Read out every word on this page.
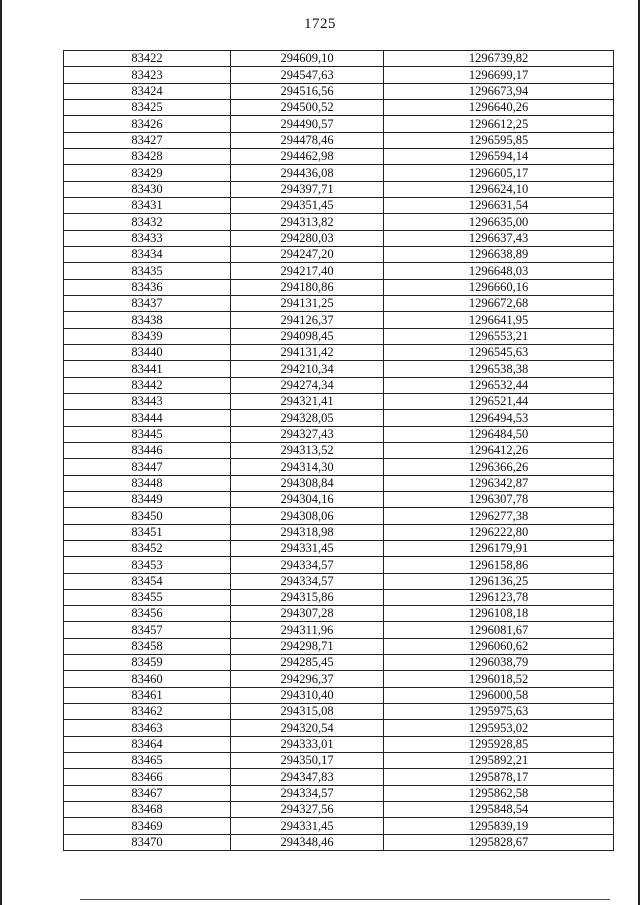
1725
83422	294609,10	1296739,82
83423	294547,63	1296699,17
83424	294516,56	1296673,94
83425	294500,52	1296640,26
83426	294490,57	1296612,25
83427	294478,46	1296595,85
83428	294462,98	1296594,14
83429	294436,08	1296605,17
83430	294397,71	1296624,10
83431	294351,45	1296631,54
83432	294313,82	1296635,00
83433	294280,03	1296637,43
83434	294247,20	1296638,89
83435	294217,40	1296648,03
83436	294180,86	1296660,16
83437	294131,25	1296672,68
83438	294126,37	1296641,95
83439	294098,45	1296553,21
83440	294131,42	1296545,63
83441	294210,34	1296538,38
83442	294274,34	1296532,44
83443	294321,41	1296521,44
83444	294328,05	1296494,53
83445	294327,43	1296484,50
83446	294313,52	1296412,26
83447	294314,30	1296366,26
83448	294308,84	1296342,87
83449	294304,16	1296307,78
83450	294308,06	1296277,38
83451	294318,98	1296222,80
83452	294331,45	1296179,91
83453	294334,57	1296158,86
83454	294334,57	1296136,25
83455	294315,86	1296123,78
83456	294307,28	1296108,18
83457	294311,96	1296081,67
83458	294298,71	1296060,62
83459	294285,45	1296038,79
83460	294296,37	1296018,52
83461	294310,40	1296000,58
83462	294315,08	1295975,63
83463	294320,54	1295953,02
83464	294333,01	1295928,85
83465	294350,17	1295892,21
83466	294347,83	1295878,17
83467	294334,57	1295862,58
83468	294327,56	1295848,54
83469	294331,45	1295839,19
83470	294348,46	1295828,67
